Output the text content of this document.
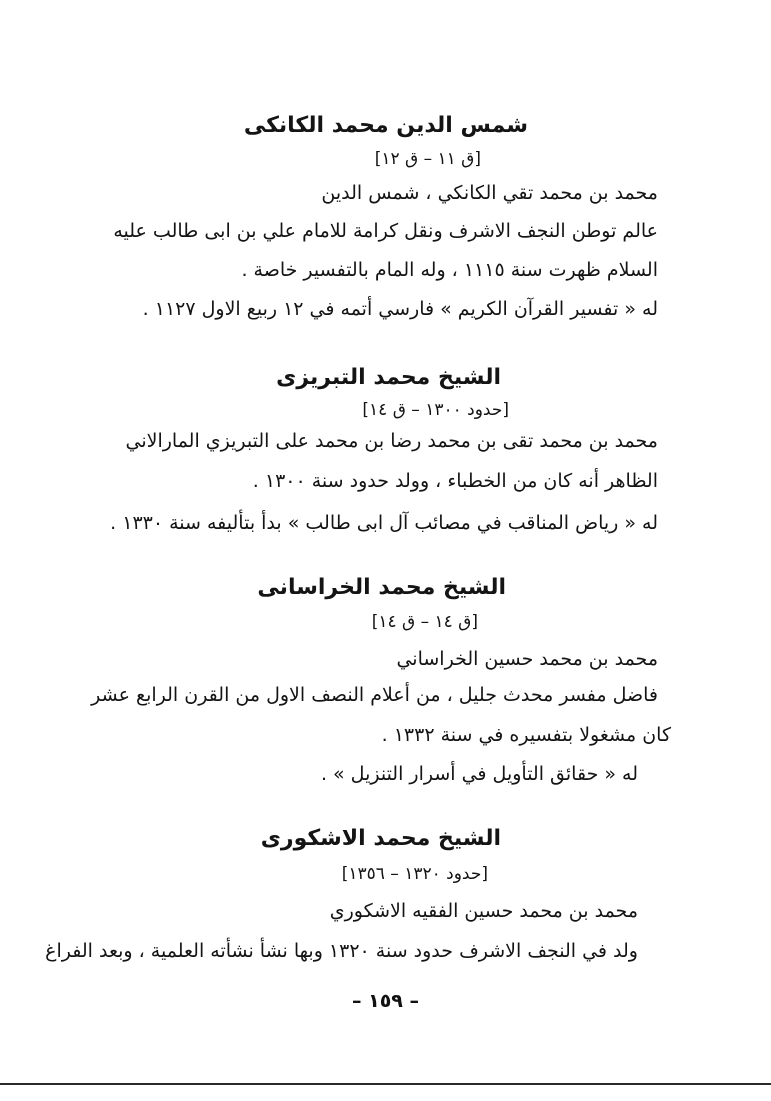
شمس الدين محمد الكانكى
[ق ١١ – ق ١٢]
محمد بن محمد تقي الكانكي ، شمس الدين
عالم توطن النجف الاشرف ونقل كرامة للامام علي بن ابى طالب عليه
السلام ظهرت سنة ١١١٥ ، وله المام بالتفسير خاصة .
له « تفسير القرآن الكريم » فارسي أتمه في ١٢ ربيع الاول ١١٢٧ .
الشيخ محمد التبريزى
[حدود ١٣٠٠ – ق ١٤]
محمد بن محمد تقى بن محمد رضا بن محمد على التبريزي المارالاني
الظاهر أنه كان من الخطباء ، وولد حدود سنة ١٣٠٠ .
له « رياض المناقب في مصائب آل ابى طالب » بدأ بتأليفه سنة ١٣٣٠ .
الشيخ محمد الخراسانى
[ق ١٤ – ق ١٤]
محمد بن محمد حسين الخراساني
فاضل مفسر محدث جليل ، من أعلام النصف الاول من القرن الرابع عشر
كان مشغولا بتفسيره في سنة ١٣٣٢ .
له « حقائق التأويل في أسرار التنزيل » .
الشيخ محمد الاشكورى
[حدود ١٣٢٠ – ١٣٥٦]
محمد بن محمد حسين الفقيه الاشكوري
ولد في النجف الاشرف حدود سنة ١٣٢٠ وبها نشأ نشأته العلمية ، وبعد الفراغ
– ١٥٩ –
